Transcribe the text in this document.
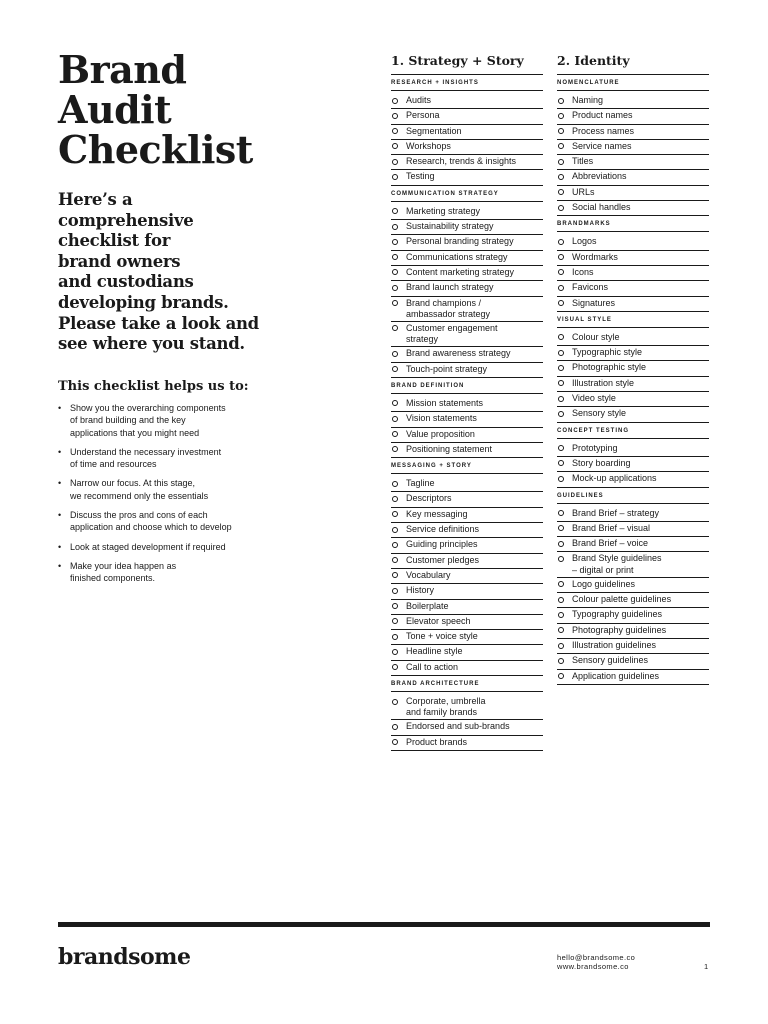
Brand
Audit
Checklist

Here’s a
comprehensive
checklist for
brand owners
and custodians
developing brands.
Please take a look and
see where you stand.

This checklist helps us to:
• Show you the overarching components
of brand building and the key
applications that you might need
• Understand the necessary investment
of time and resources
• Narrow our focus. At this stage,
we recommend only the essentials
• Discuss the pros and cons of each
application and choose which to develop
• Look at staged development if required
• Make your idea happen as
finished components.
1. Strategy + Story
RESEARCH + INSIGHTS
Audits
Persona
Segmentation
Workshops
Research, trends & insights
Testing
COMMUNICATION STRATEGY
Marketing strategy
Sustainability strategy
Personal branding strategy
Communications strategy
Content marketing strategy
Brand launch strategy
Brand champions /
ambassador strategy
Customer engagement
strategy
Brand awareness strategy
Touch-point strategy
BRAND DEFINITION
Mission statements
Vision statements
Value proposition
Positioning statement
MESSAGING + STORY
Tagline
Descriptors
Key messaging
Service definitions
Guiding principles
Customer pledges
Vocabulary
History
Boilerplate
Elevator speech
Tone + voice style
Headline style
Call to action
BRAND ARCHITECTURE
Corporate, umbrella
and family brands
Endorsed and sub-brands
Product brands
2. Identity
NOMENCLATURE
Naming
Product names
Process names
Service names
Titles
Abbreviations
URLs
Social handles
BRANDMARKS
Logos
Wordmarks
Icons
Favicons
Signatures
VISUAL STYLE
Colour style
Typographic style
Photographic style
Illustration style
Video style
Sensory style
CONCEPT TESTING
Prototyping
Story boarding
Mock-up applications
GUIDELINES
Brand Brief – strategy
Brand Brief – visual
Brand Brief – voice
Brand Style guidelines
– digital or print
Logo guidelines
Colour palette guidelines
Typography guidelines
Photography guidelines
Illustration guidelines
Sensory guidelines
Application guidelines
brandsome	hello@brandsome.co
www.brandsome.co	1
